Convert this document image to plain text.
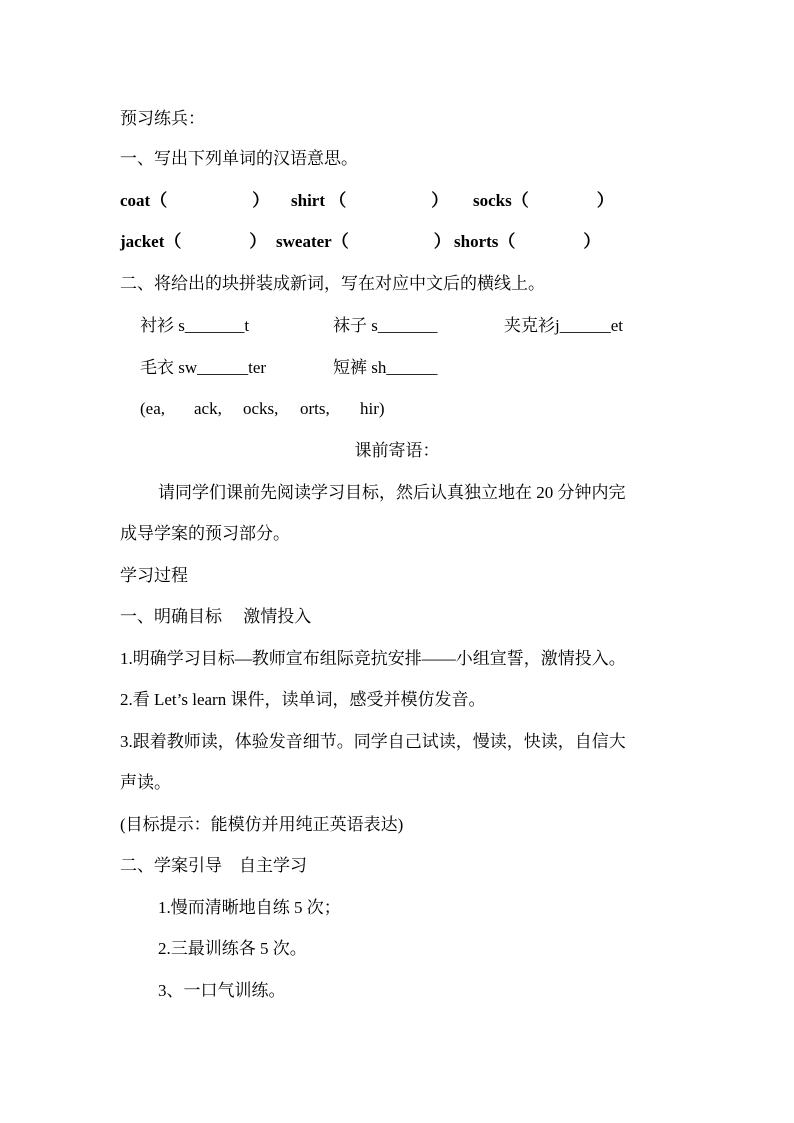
预习练兵：
一、写出下列单词的汉语意思。
coat（　　　　　） shirt （　　　　　） socks（　　　　）
jacket（　　　　） sweater（　　　　　） shorts（　　　　）
二、将给出的块拼装成新词，写在对应中文后的横线上。
衬衫 s_______t	袜子 s_______	夹克衫j______et
毛衣 sw______ter	短裤 sh______
(ea, ack, ocks, orts, hir)
课前寄语：
请同学们课前先阅读学习目标，然后认真独立地在 20 分钟内完
成导学案的预习部分。
学习过程
一、明确目标　 激情投入
1.明确学习目标—教师宣布组际竞抗安排——小组宣誓，激情投入。
2.看 Let’s learn 课件，读单词，感受并模仿发音。
3.跟着教师读，体验发音细节。同学自己试读，慢读，快读，自信大
声读。
(目标提示：能模仿并用纯正英语表达)
二、学案引导　自主学习
1.慢而清晰地自练 5 次；
2.三最训练各 5 次。
3、一口气训练。
